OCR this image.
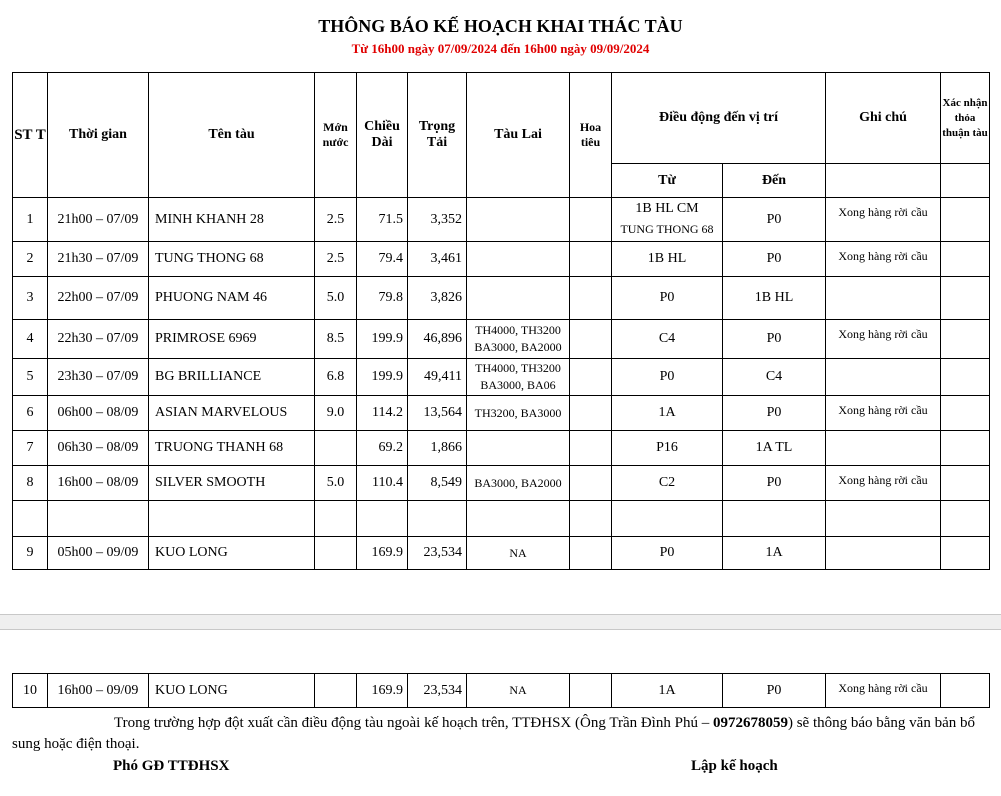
THÔNG BÁO KẾ HOẠCH KHAI THÁC TÀU
Từ 16h00 ngày 07/09/2024 đến 16h00 ngày 09/09/2024
ST T	Thời gian	Tên tàu	Mớn
nước	Chiều
Dài	Trọng
Tải	Tàu Lai	Hoa
tiêu	Điều động đến vị trí		Ghi chú	Xác nhận thỏa thuận tàu
								Từ	Đến		
1	21h00 – 07/09	MINH KHANH 28	2.5	71.5	3,352			1B HL CM
TUNG THONG 68	P0	Xong hàng rời cầu	
2	21h30 – 07/09	TUNG THONG 68	2.5	79.4	3,461			1B HL	P0	Xong hàng rời cầu	
3	22h00 – 07/09	PHUONG NAM 46	5.0	79.8	3,826			P0	1B HL		
4	22h30 – 07/09	PRIMROSE 6969	8.5	199.9	46,896	TH4000, TH3200
BA3000, BA2000		C4	P0	Xong hàng rời cầu	
5	23h30 – 07/09	BG BRILLIANCE	6.8	199.9	49,411	TH4000, TH3200
BA3000, BA06		P0	C4		
6	06h00 – 08/09	ASIAN MARVELOUS	9.0	114.2	13,564	TH3200, BA3000		1A	P0	Xong hàng rời cầu	
7	06h30 – 08/09	TRUONG THANH 68		69.2	1,866			P16	1A TL		
8	16h00 – 08/09	SILVER SMOOTH	5.0	110.4	8,549	BA3000, BA2000		C2	P0	Xong hàng rời cầu	

9	05h00 – 09/09	KUO LONG		169.9	23,534	NA		P0	1A		
10	16h00 – 09/09	KUO LONG		169.9	23,534	NA		1A	P0	Xong hàng rời cầu	
Trong trường hợp đột xuất cần điều động tàu ngoài kế hoạch trên, TTĐHSX (Ông Trần Đình Phú – 0972678059) sẽ thông báo bằng văn bản bổ sung hoặc điện thoại.
Phó GĐ TTĐHSX	Lập kế hoạch
